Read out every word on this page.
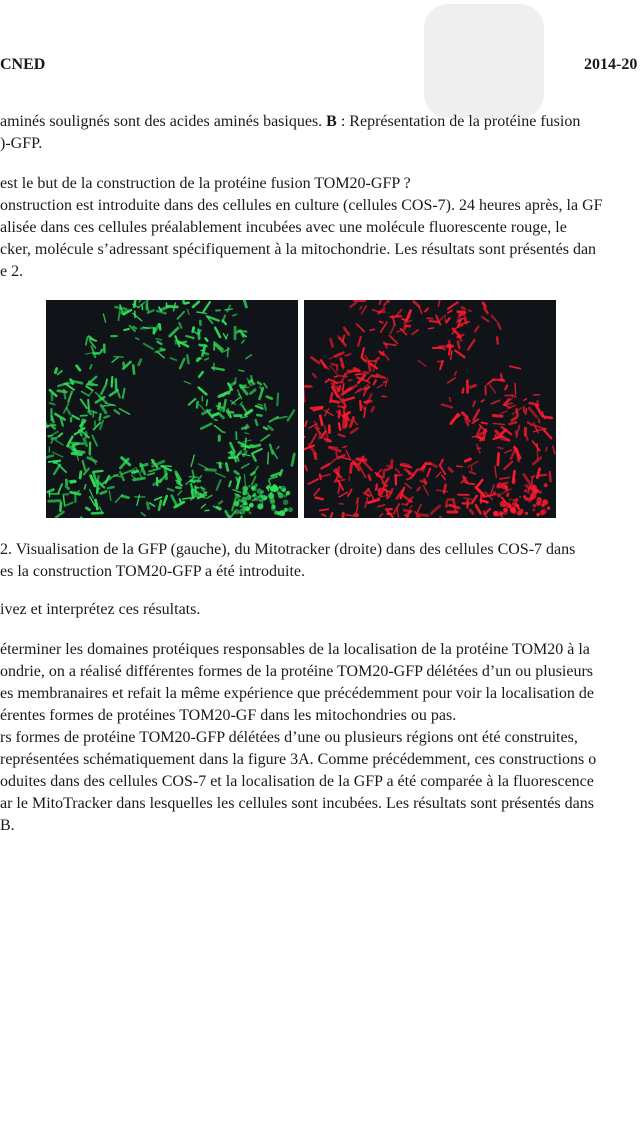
CNED	2014-20
aminés soulignés sont des acides aminés basiques. B : Représentation de la protéine fusion
)-GFP.
est le but de la construction de la protéine fusion TOM20-GFP ?
onstruction est introduite dans des cellules en culture (cellules COS-7). 24 heures après, la GF
alisée dans ces cellules préalablement incubées avec une molécule fluorescente rouge, le
cker, molécule s’adressant spécifiquement à la mitochondrie. Les résultats sont présentés dan
e 2.
2. Visualisation de la GFP (gauche), du Mitotracker (droite) dans des cellules COS-7 dans
es la construction TOM20-GFP a été introduite.
ivez et interprétez ces résultats.
éterminer les domaines protéiques responsables de la localisation de la protéine TOM20 à la
ondrie, on a réalisé différentes formes de la protéine TOM20-GFP délétées d’un ou plusieurs
es membranaires et refait la même expérience que précédemment pour voir la localisation de
érentes formes de protéines TOM20-GF dans les mitochondries ou pas.
rs formes de protéine TOM20-GFP délétées d’une ou plusieurs régions ont été construites,
représentées schématiquement dans la figure 3A. Comme précédemment, ces constructions o
oduites dans des cellules COS-7 et la localisation de la GFP a été comparée à la fluorescence
ar le MitoTracker dans lesquelles les cellules sont incubées. Les résultats sont présentés dans
B.
